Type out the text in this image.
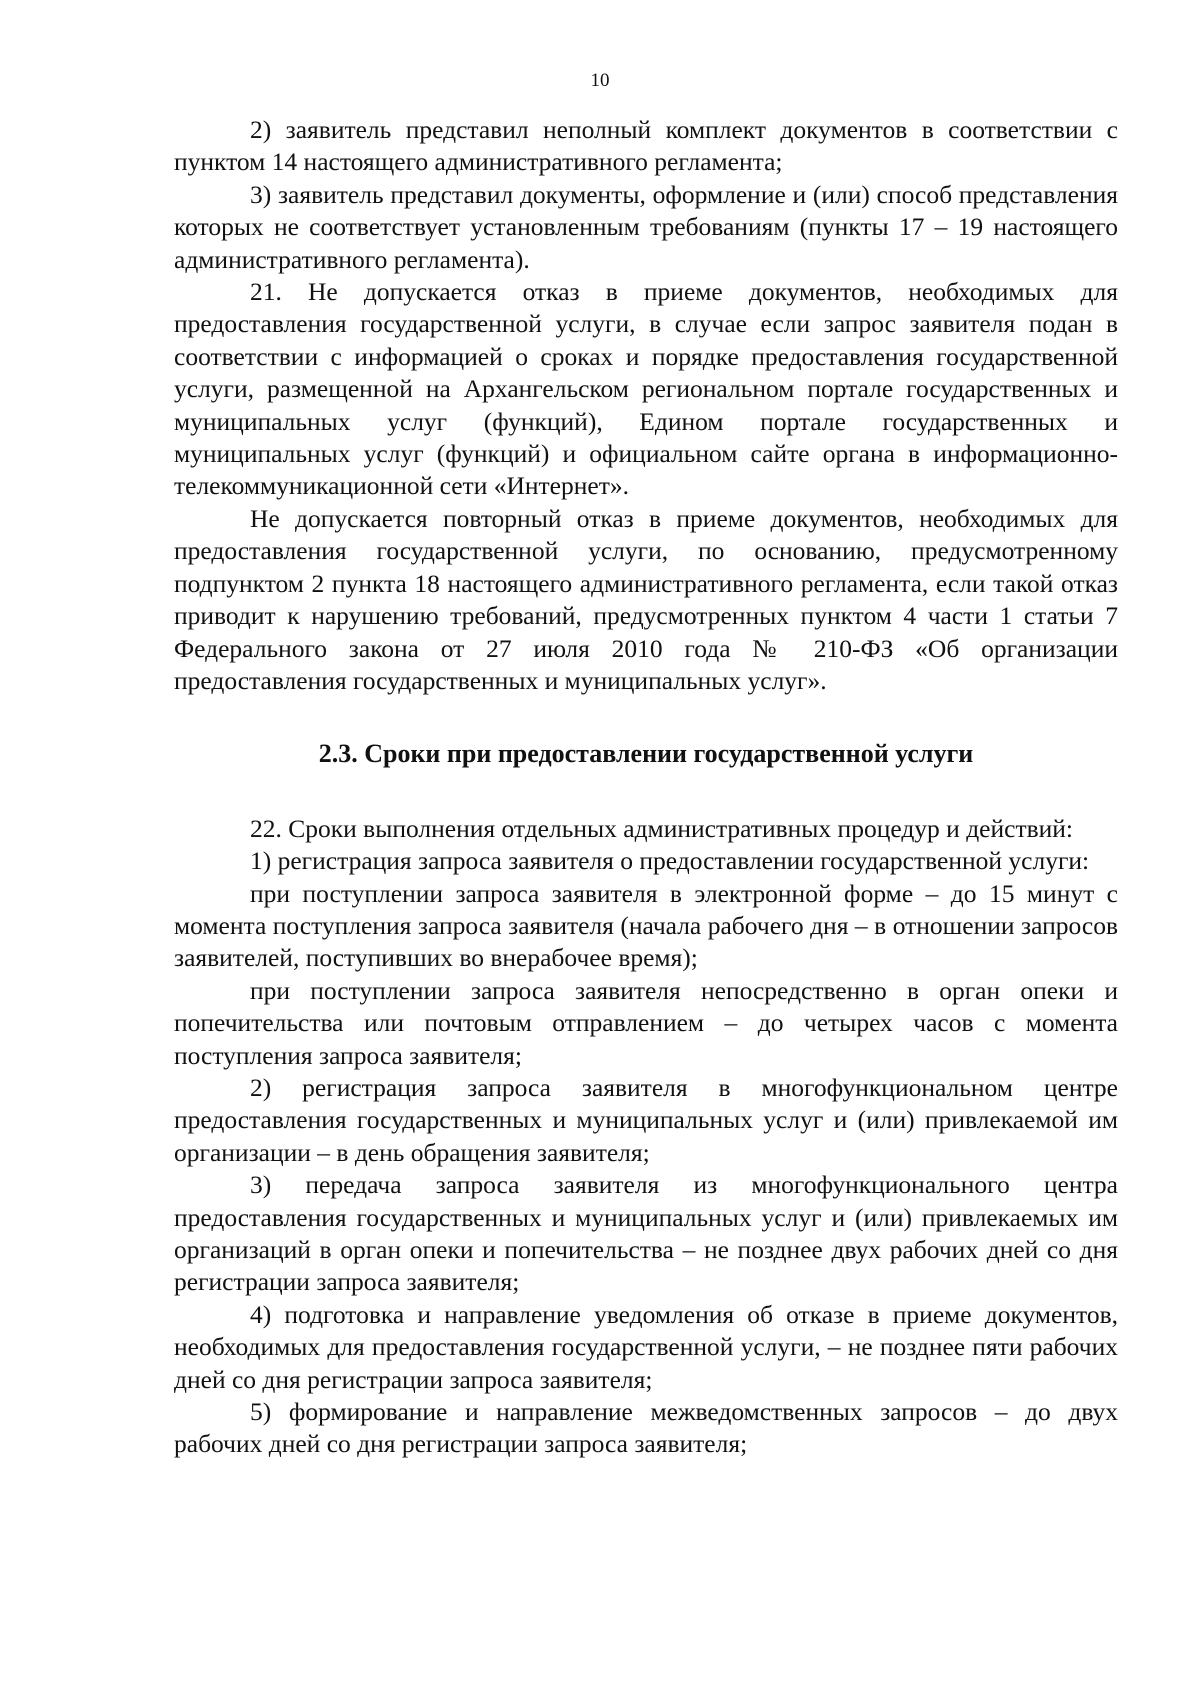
10

2) заявитель представил неполный комплект документов в соответствии с пунктом 14 настоящего административного регламента;

3) заявитель представил документы, оформление и (или) способ представления которых не соответствует установленным требованиям (пункты 17 – 19 настоящего административного регламента).

21. Не допускается отказ в приеме документов, необходимых для предоставления государственной услуги, в случае если запрос заявителя подан в соответствии с информацией о сроках и порядке предоставления государственной услуги, размещенной на Архангельском региональном портале государственных и муниципальных услуг (функций), Едином портале государственных и муниципальных услуг (функций) и официальном сайте органа в информационно-телекоммуникационной сети «Интернет».

Не допускается повторный отказ в приеме документов, необходимых для предоставления государственной услуги, по основанию, предусмотренному подпунктом 2 пункта 18 настоящего административного регламента, если такой отказ приводит к нарушению требований, предусмотренных пунктом 4 части 1 статьи 7 Федерального закона от 27 июля 2010 года № 210-ФЗ «Об организации предоставления государственных и муниципальных услуг».

2.3. Сроки при предоставлении государственной услуги

22. Сроки выполнения отдельных административных процедур и действий:

1) регистрация запроса заявителя о предоставлении государственной услуги:

при поступлении запроса заявителя в электронной форме – до 15 минут с момента поступления запроса заявителя (начала рабочего дня – в отношении запросов заявителей, поступивших во внерабочее время);

при поступлении запроса заявителя непосредственно в орган опеки и попечительства или почтовым отправлением – до четырех часов с момента поступления запроса заявителя;

2) регистрация запроса заявителя в многофункциональном центре предоставления государственных и муниципальных услуг и (или) привлекаемой им организации – в день обращения заявителя;

3) передача запроса заявителя из многофункционального центра предоставления государственных и муниципальных услуг и (или) привлекаемых им организаций в орган опеки и попечительства – не позднее двух рабочих дней со дня регистрации запроса заявителя;

4) подготовка и направление уведомления об отказе в приеме документов, необходимых для предоставления государственной услуги, – не позднее пяти рабочих дней со дня регистрации запроса заявителя;

5) формирование и направление межведомственных запросов – до двух рабочих дней со дня регистрации запроса заявителя;
